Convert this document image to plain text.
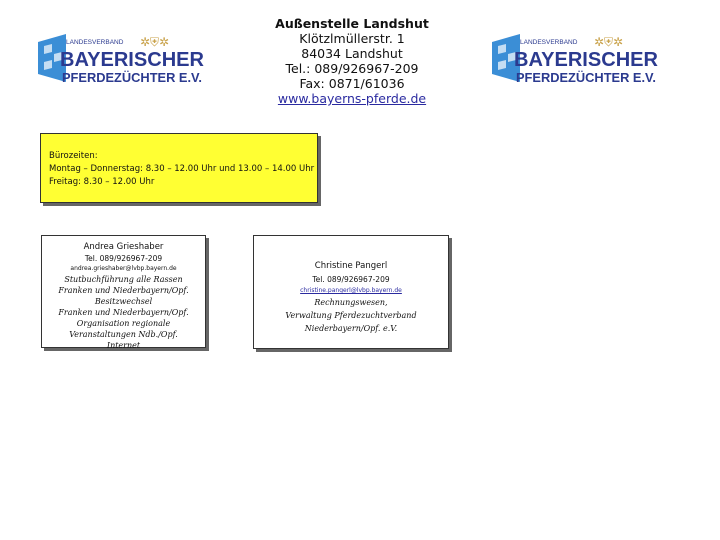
LANDESVERBAND ✲⛨✲
BAYERISCHER
PFERDEZÜCHTER E.V.
Außenstelle Landshut
Klötzlmüllerstr. 1
84034 Landshut
Tel.: 089/926967-209
Fax: 0871/61036
www.bayerns-pferde.de
LANDESVERBAND ✲⛨✲
BAYERISCHER
PFERDEZÜCHTER E.V.
Bürozeiten:
Montag – Donnerstag: 8.30 – 12.00 Uhr und 13.00 – 14.00 Uhr
Freitag: 8.30 – 12.00 Uhr
Andrea Grieshaber
Tel. 089/926967-209
andrea.grieshaber@lvbp.bayern.de
Stutbuchführung alle Rassen
Franken und Niederbayern/Opf.
Besitzwechsel
Franken und Niederbayern/Opf.
Organisation regionale
Veranstaltungen Ndb./Opf.
Internet
Christine Pangerl
Tel. 089/926967-209
christine.pangerl@lvbp.bayern.de
Rechnungswesen,
Verwaltung Pferdezuchtverband
Niederbayern/Opf. e.V.
